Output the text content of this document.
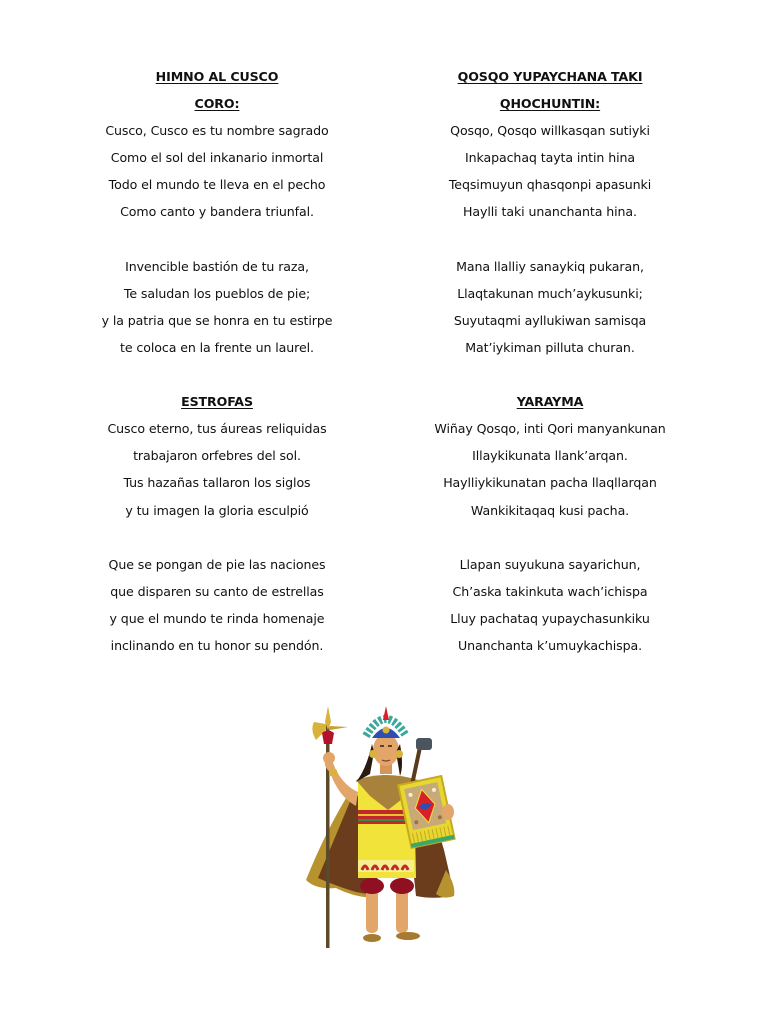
HIMNO AL CUSCO
CORO:
Cusco, Cusco es tu nombre sagrado
Como el sol del inkanario inmortal
Todo el mundo te lleva en el pecho
Como canto y bandera triunfal.
Invencible bastión de tu raza,
Te saludan los pueblos de pie;
y la patria que se honra en tu estirpe
te coloca en la frente un laurel.
ESTROFAS
Cusco eterno, tus áureas reliquidas
trabajaron orfebres del sol.
Tus hazañas tallaron los siglos
y tu imagen la gloria esculpió
Que se pongan de pie las naciones
que disparen su canto de estrellas
y que el mundo te rinda homenaje
inclinando en tu honor su pendón.
QOSQO YUPAYCHANA TAKI
QHOCHUNTIN:
Qosqo, Qosqo willkasqan sutiyki
Inkapachaq tayta intin hina
Teqsimuyun qhasqonpi apasunki
Haylli taki unanchanta hina.
Mana llalliy sanaykiq pukaran,
Llaqtakunan much’aykusunki;
Suyutaqmi ayllukiwan samisqa
Mat’iykiman pilluta churan.
YARAYMA
Wiñay Qosqo, inti Qori manyankunan
Illaykikunata llank’arqan.
Haylliykikunatan pacha llaqllarqan
Wankikitaqaq kusi pacha.
Llapan suyukuna sayarichun,
Ch’aska takinkuta wach’ichispa
Lluy pachataq yupaychasunkiku
Unanchanta k’umuykachispa.
